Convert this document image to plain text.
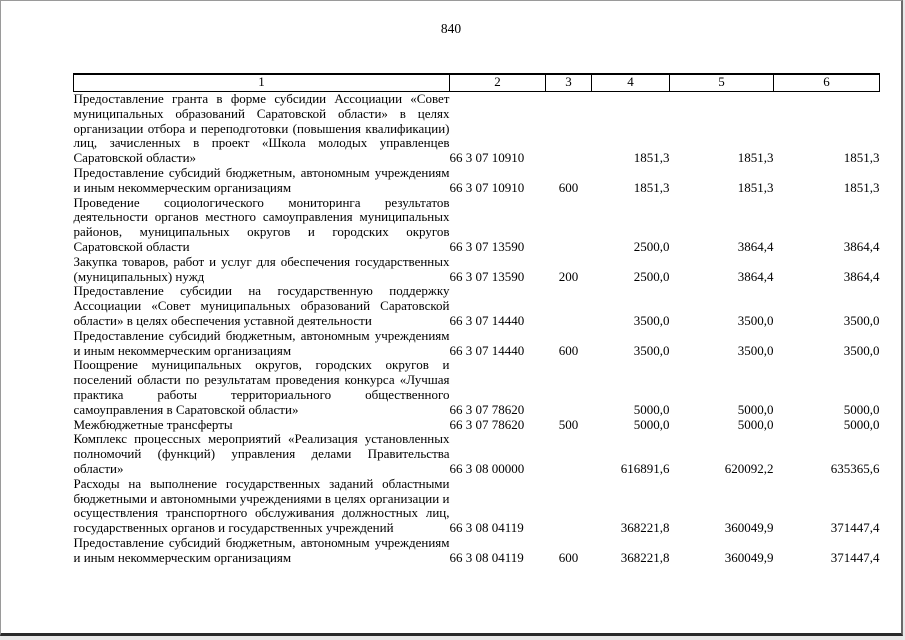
840
1	2	3	4	5	6
Предоставление гранта в форме субсидии Ассоциации «Совет муниципальных образований Саратовской области» в целях организации отбора и переподготовки (повышения квалификации) лиц, зачисленных в проект «Школа молодых управленцев Саратовской области»	66 3 07 10910		1851,3	1851,3	1851,3
Предоставление субсидий бюджетным, автономным учреждениям и иным некоммерческим организациям	66 3 07 10910	600	1851,3	1851,3	1851,3
Проведение социологического мониторинга результатов деятельности органов местного самоуправления муниципальных районов, муниципальных округов и городских округов Саратовской области	66 3 07 13590		2500,0	3864,4	3864,4
Закупка товаров, работ и услуг для обеспечения государственных (муниципальных) нужд	66 3 07 13590	200	2500,0	3864,4	3864,4
Предоставление субсидии на государственную поддержку Ассоциации «Совет муниципальных образований Саратовской области» в целях обеспечения уставной деятельности	66 3 07 14440		3500,0	3500,0	3500,0
Предоставление субсидий бюджетным, автономным учреждениям и иным некоммерческим организациям	66 3 07 14440	600	3500,0	3500,0	3500,0
Поощрение муниципальных округов, городских округов и поселений области по результатам проведения конкурса «Лучшая практика работы территориального общественного самоуправления в Саратовской области»	66 3 07 78620		5000,0	5000,0	5000,0
Межбюджетные трансферты	66 3 07 78620	500	5000,0	5000,0	5000,0
Комплекс процессных мероприятий «Реализация установленных полномочий (функций) управления делами Правительства области»	66 3 08 00000		616891,6	620092,2	635365,6
Расходы на выполнение государственных заданий областными бюджетными и автономными учреждениями в целях организации и осуществления транспортного обслуживания должностных лиц, государственных органов и государственных учреждений	66 3 08 04119		368221,8	360049,9	371447,4
Предоставление субсидий бюджетным, автономным учреждениям и иным некоммерческим организациям	66 3 08 04119	600	368221,8	360049,9	371447,4
